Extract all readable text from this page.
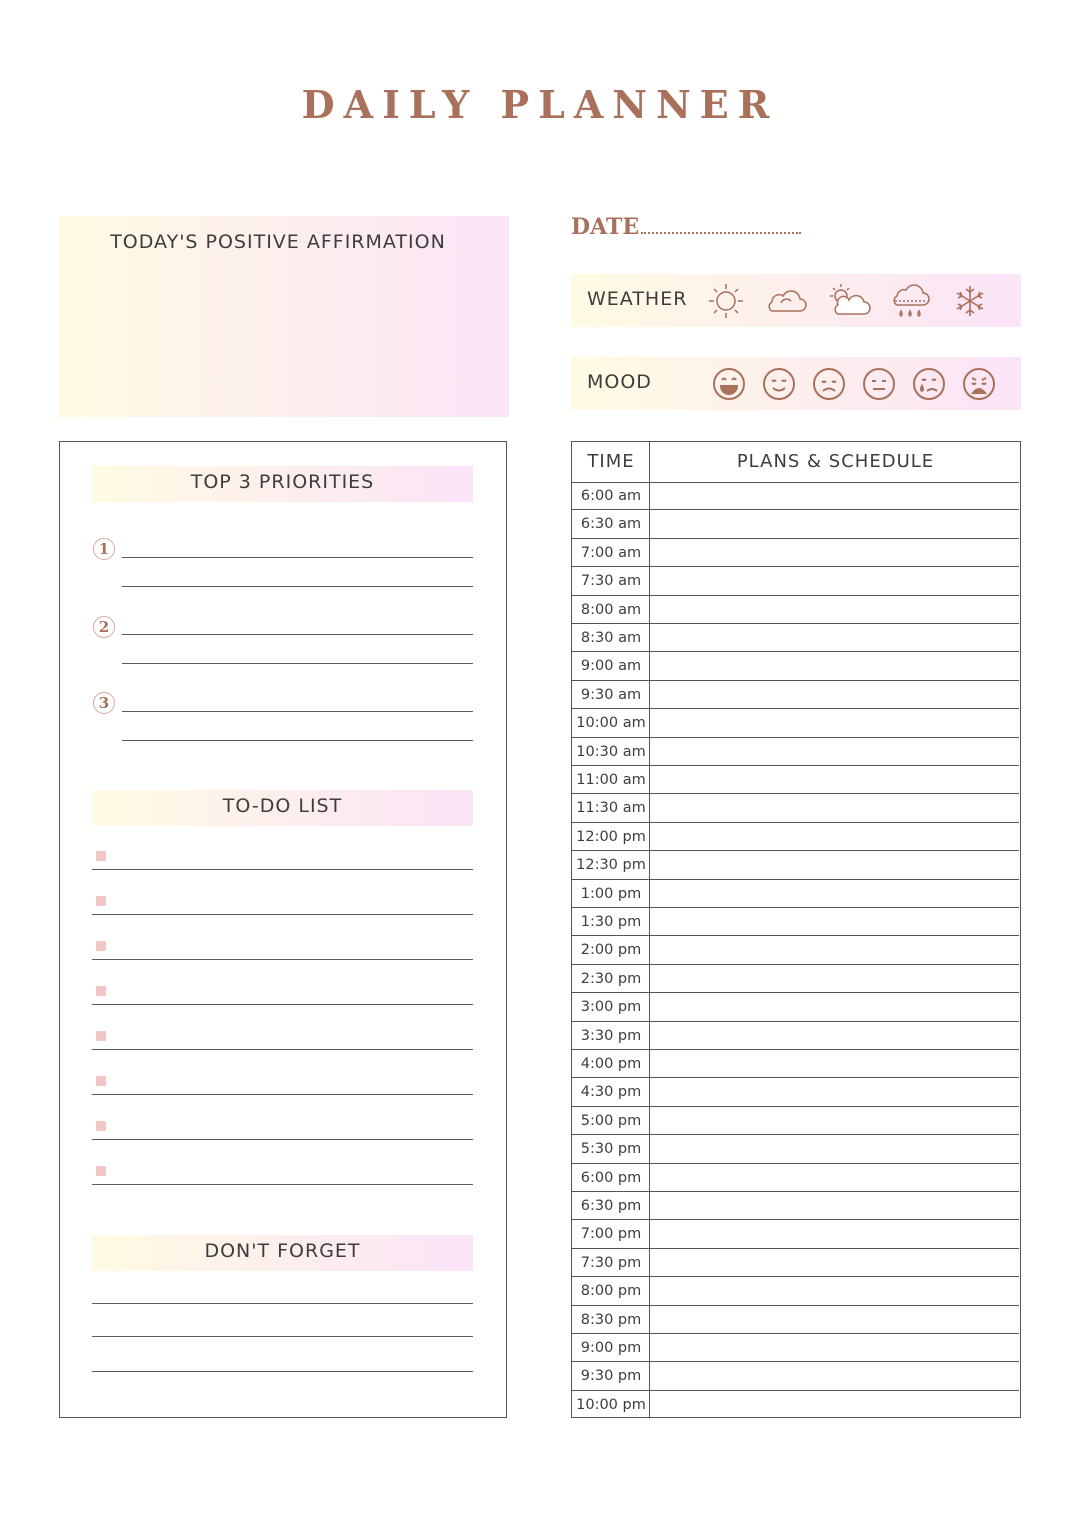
DAILY PLANNER
TODAY'S POSITIVE AFFIRMATION
DATE
WEATHER
MOOD
TOP 3 PRIORITIES
1
2
3
TO-DO LIST
DON'T FORGET
TIME	PLANS & SCHEDULE
6:00 am
6:30 am
7:00 am
7:30 am
8:00 am
8:30 am
9:00 am
9:30 am
10:00 am
10:30 am
11:00 am
11:30 am
12:00 pm
12:30 pm
1:00 pm
1:30 pm
2:00 pm
2:30 pm
3:00 pm
3:30 pm
4:00 pm
4:30 pm
5:00 pm
5:30 pm
6:00 pm
6:30 pm
7:00 pm
7:30 pm
8:00 pm
8:30 pm
9:00 pm
9:30 pm
10:00 pm
